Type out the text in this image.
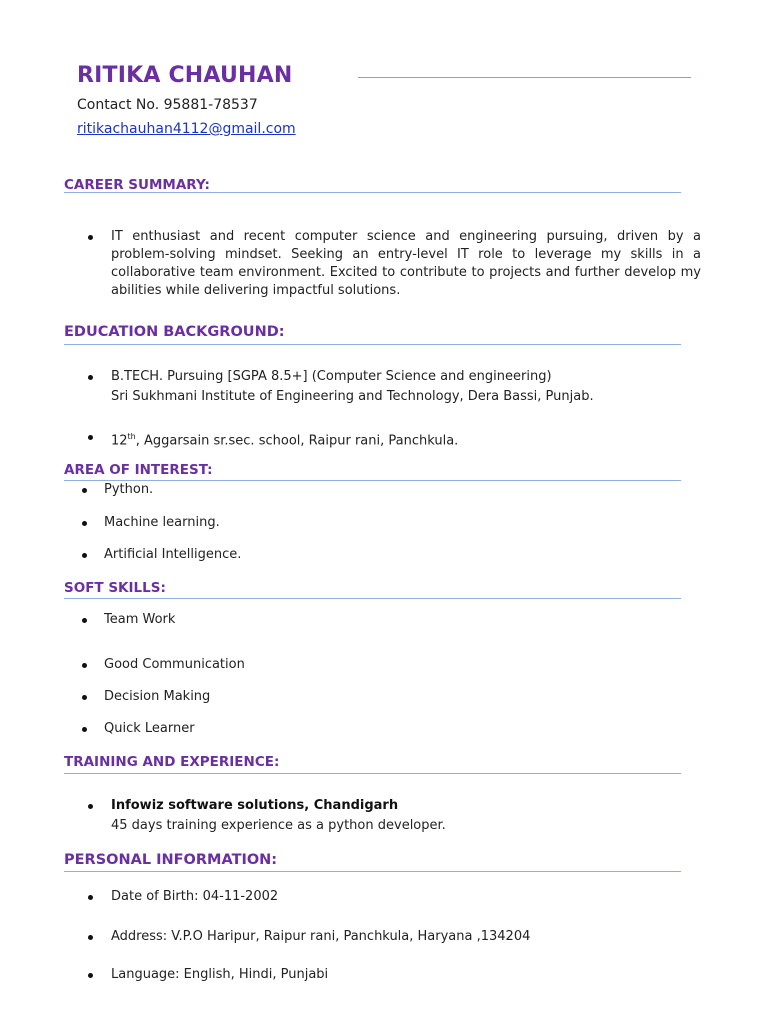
RITIKA CHAUHAN
Contact No. 95881-78537
ritikachauhan4112@gmail.com
CAREER SUMMARY:
IT enthusiast and recent computer science and engineering pursuing, driven by a problem-solving mindset. Seeking an entry-level IT role to leverage my skills in a collaborative team environment. Excited to contribute to projects and further develop my abilities while delivering impactful solutions.
EDUCATION BACKGROUND:
B.TECH. Pursuing [SGPA 8.5+] (Computer Science and engineering)
Sri Sukhmani Institute of Engineering and Technology, Dera Bassi, Punjab.
12th, Aggarsain sr.sec. school, Raipur rani, Panchkula.
AREA OF INTEREST:
Python.
Machine learning.
Artificial Intelligence.
SOFT SKILLS:
Team Work
Good Communication
Decision Making
Quick Learner
TRAINING AND EXPERIENCE:
Infowiz software solutions, Chandigarh
45 days training experience as a python developer.
PERSONAL INFORMATION:
Date of Birth: 04-11-2002
Address: V.P.O Haripur, Raipur rani, Panchkula, Haryana ,134204
Language: English, Hindi, Punjabi
